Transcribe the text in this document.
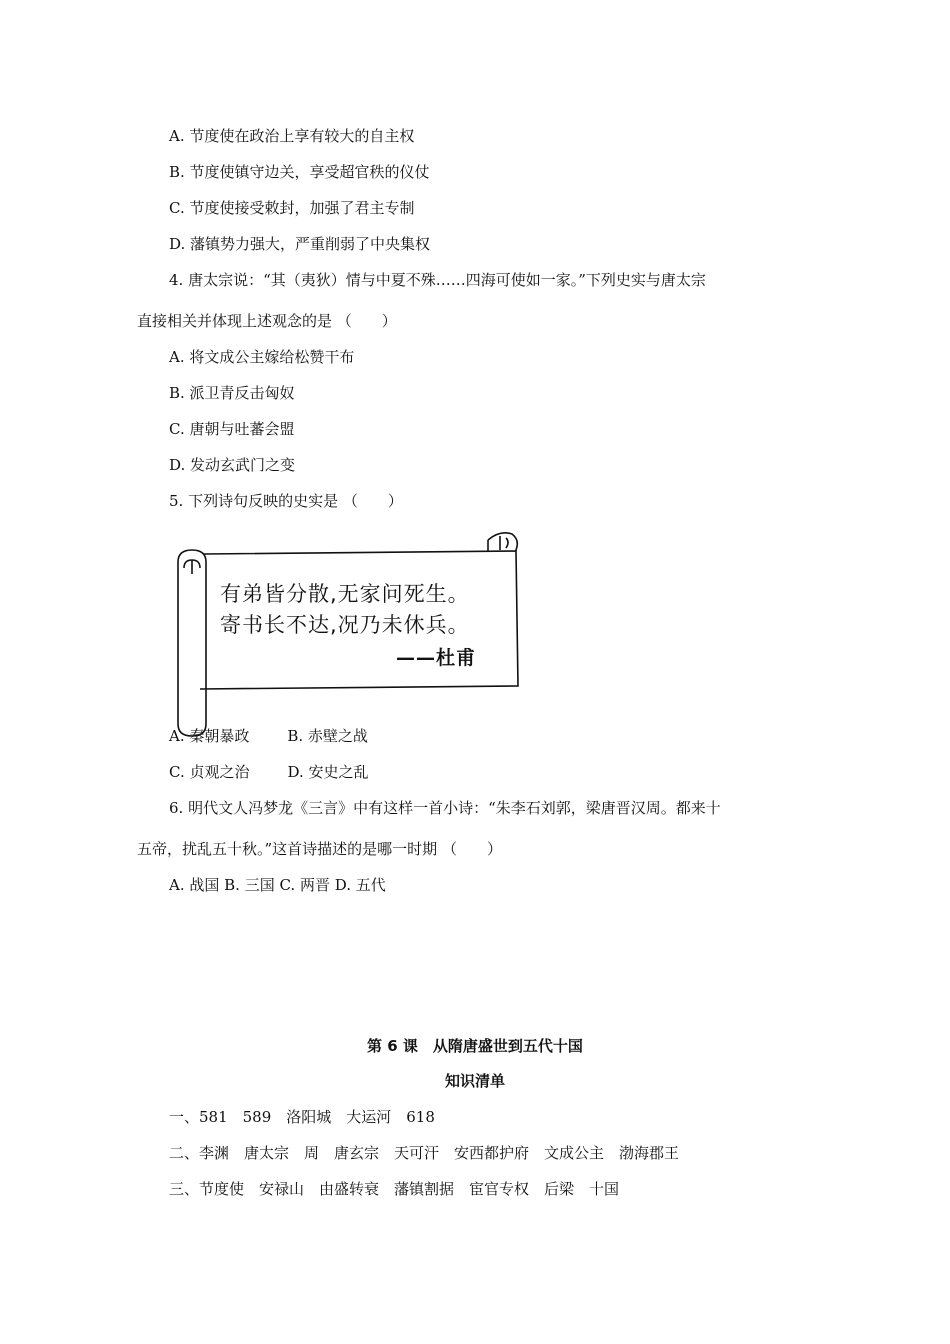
A. 节度使在政治上享有较大的自主权
B. 节度使镇守边关，享受超官秩的仪仗
C. 节度使接受敕封，加强了君主专制
D. 藩镇势力强大，严重削弱了中央集权
4. 唐太宗说：“其（夷狄）情与中夏不殊……四海可使如一家。”下列史实与唐太宗
直接相关并体现上述观念的是 （　　）
A. 将文成公主嫁给松赞干布
B. 派卫青反击匈奴
C. 唐朝与吐蕃会盟
D. 发动玄武门之变
5. 下列诗句反映的史实是 （　　）
有弟皆分散,无家问死生。
寄书长不达,况乃未休兵。
——杜甫
A. 秦朝暴政	B. 赤壁之战
C. 贞观之治	D. 安史之乱
6. 明代文人冯梦龙《三言》中有这样一首小诗：“朱李石刘郭，梁唐晋汉周。都来十
五帝，扰乱五十秋。”这首诗描述的是哪一时期 （　　）
A. 战国 B. 三国 C. 两晋 D. 五代
第 6 课　从隋唐盛世到五代十国
知识清单
一、581　589　洛阳城　大运河　618
二、李渊　唐太宗　周　唐玄宗　天可汗　安西都护府　文成公主　渤海郡王
三、节度使　安禄山　由盛转衰　藩镇割据　宦官专权　后梁　十国
